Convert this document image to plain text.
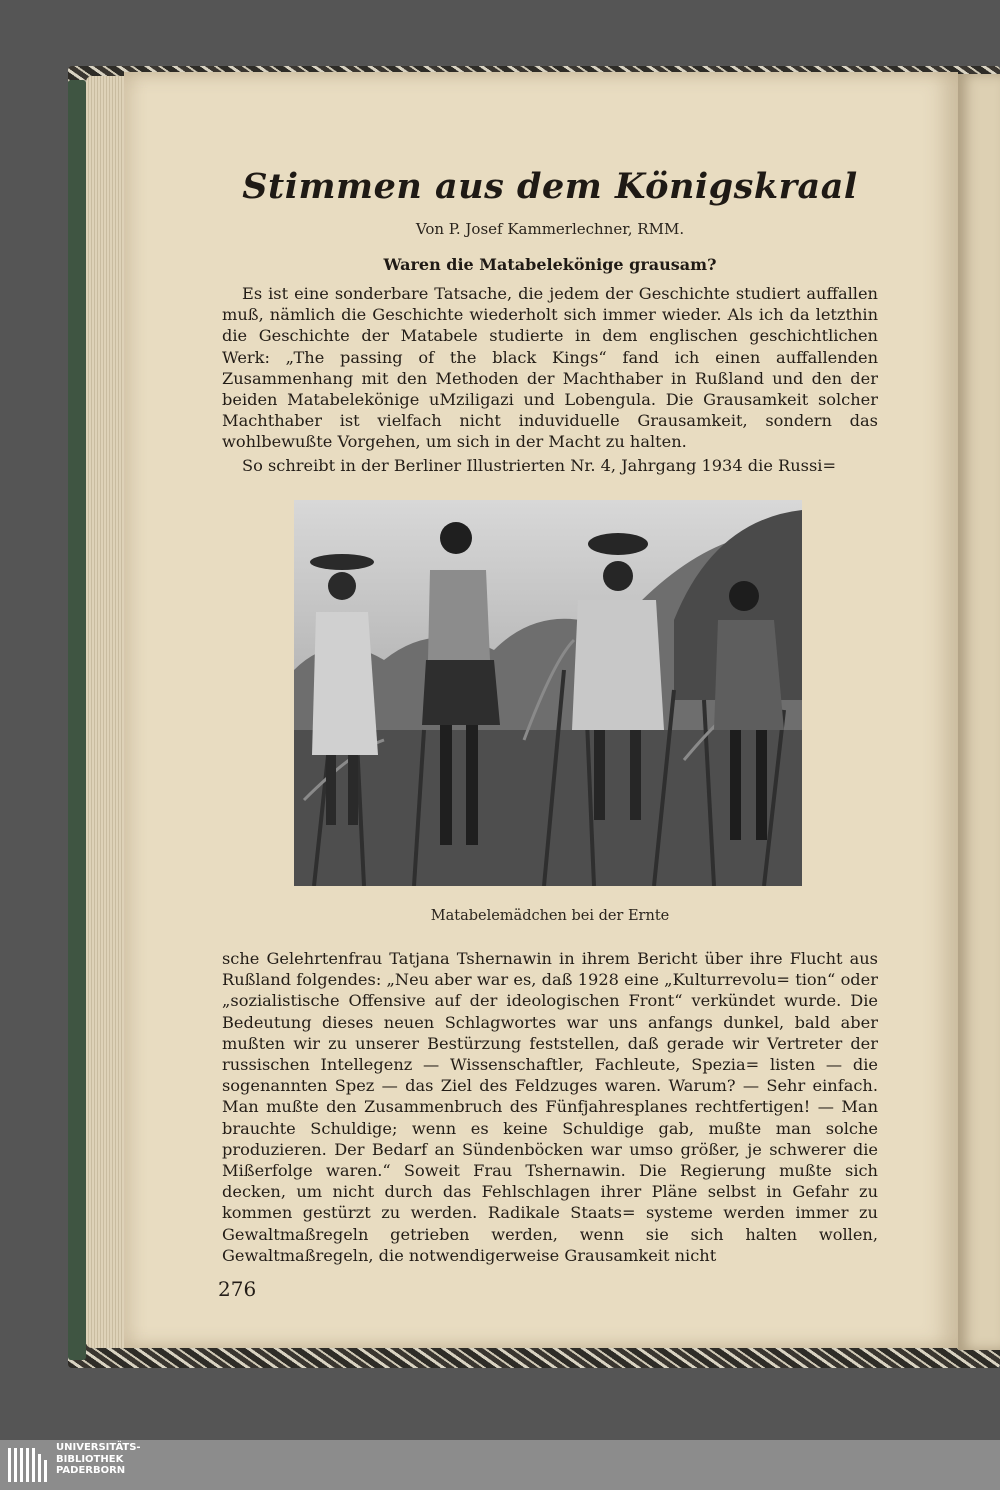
Stimmen aus dem Königskraal

Von P. Josef Kammerlechner, RMM.

Waren die Matabelekönige grausam?

Es ist eine sonderbare Tatsache, die jedem der Geschichte studiert auffallen muß, nämlich die Geschichte wiederholt sich immer wieder. Als ich da letzthin die Geschichte der Matabele studierte in dem englischen geschichtlichen Werk: „The passing of the black Kings“ fand ich einen auffallenden Zusammenhang mit den Methoden der Machthaber in Rußland und den der beiden Matabelekönige uMziligazi und Lobengula. Die Grausamkeit solcher Machthaber ist vielfach nicht induviduelle Grausamkeit, sondern das wohlbewußte Vorgehen, um sich in der Macht zu halten.

So schreibt in der Berliner Illustrierten Nr. 4, Jahrgang 1934 die Russi=

Matabelemädchen bei der Ernte

sche Gelehrtenfrau Tatjana Tshernawin in ihrem Bericht über ihre Flucht aus Rußland folgendes: „Neu aber war es, daß 1928 eine „Kulturrevolu= tion“ oder „sozialistische Offensive auf der ideologischen Front“ verkündet wurde. Die Bedeutung dieses neuen Schlagwortes war uns anfangs dunkel, bald aber mußten wir zu unserer Bestürzung feststellen, daß gerade wir Vertreter der russischen Intellegenz — Wissenschaftler, Fachleute, Spezia= listen — die sogenannten Spez — das Ziel des Feldzuges waren. Warum? — Sehr einfach. Man mußte den Zusammenbruch des Fünfjahresplanes rechtfertigen! — Man brauchte Schuldige; wenn es keine Schuldige gab, mußte man solche produzieren. Der Bedarf an Sündenböcken war umso größer, je schwerer die Mißerfolge waren.“ Soweit Frau Tshernawin. Die Regierung mußte sich decken, um nicht durch das Fehlschlagen ihrer Pläne selbst in Gefahr zu kommen gestürzt zu werden. Radikale Staats= systeme werden immer zu Gewaltmaßregeln getrieben werden, wenn sie sich halten wollen, Gewaltmaßregeln, die notwendigerweise Grausamkeit nicht

276

UNIVERSITÄTS-
BIBLIOTHEK
PADERBORN
